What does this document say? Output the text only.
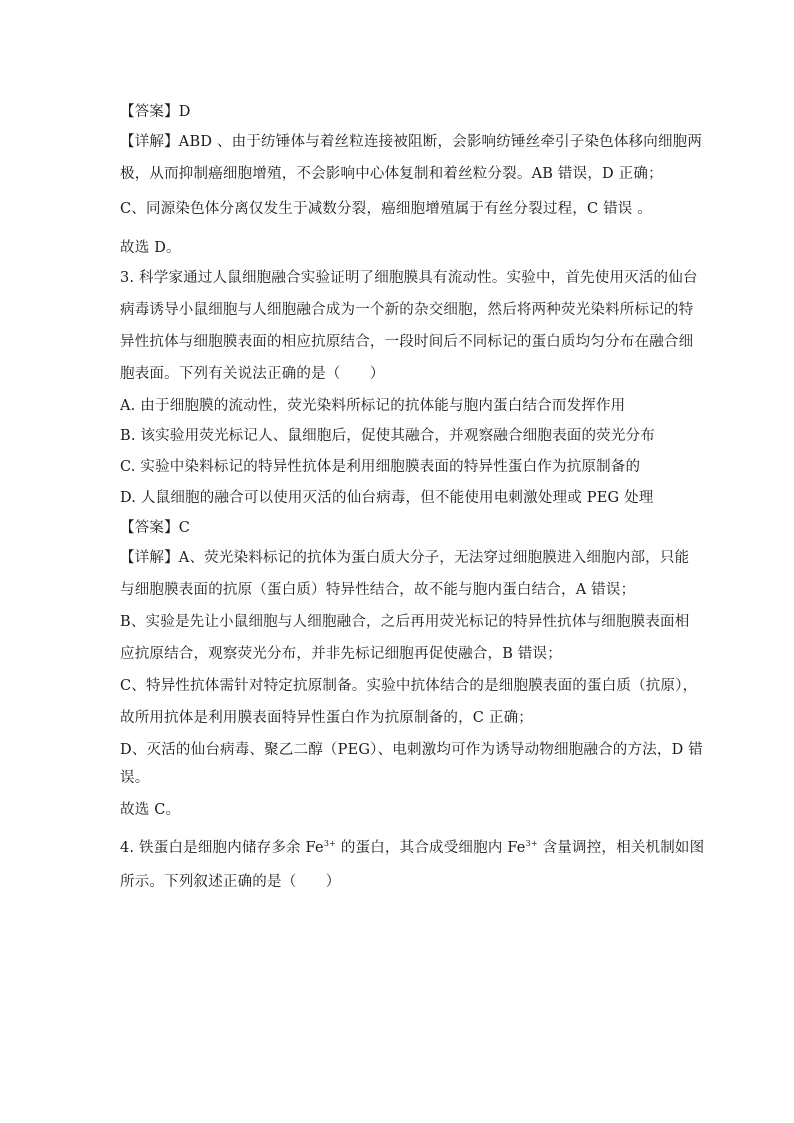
【答案】D
【详解】ABD 、由于纺锤体与着丝粒连接被阻断，会影响纺锤丝牵引子染色体移向细胞两
极，从而抑制癌细胞增殖，不会影响中心体复制和着丝粒分裂。AB 错误，D 正确；
C、同源染色体分离仅发生于减数分裂，癌细胞增殖属于有丝分裂过程，C 错误 。
故选 D。
3. 科学家通过人鼠细胞融合实验证明了细胞膜具有流动性。实验中，首先使用灭活的仙台
病毒诱导小鼠细胞与人细胞融合成为一个新的杂交细胞，然后将两种荧光染料所标记的特
异性抗体与细胞膜表面的相应抗原结合，一段时间后不同标记的蛋白质均匀分布在融合细
胞表面。下列有关说法正确的是（　　）
A. 由于细胞膜的流动性，荧光染料所标记的抗体能与胞内蛋白结合而发挥作用
B. 该实验用荧光标记人、鼠细胞后，促使其融合，并观察融合细胞表面的荧光分布
C. 实验中染料标记的特异性抗体是利用细胞膜表面的特异性蛋白作为抗原制备的
D. 人鼠细胞的融合可以使用灭活的仙台病毒，但不能使用电刺激处理或 PEG 处理
【答案】C
【详解】A、荧光染料标记的抗体为蛋白质大分子，无法穿过细胞膜进入细胞内部，只能
与细胞膜表面的抗原（蛋白质）特异性结合，故不能与胞内蛋白结合，A 错误；
B、实验是先让小鼠细胞与人细胞融合，之后再用荧光标记的特异性抗体与细胞膜表面相
应抗原结合，观察荧光分布，并非先标记细胞再促使融合，B 错误；
C、特异性抗体需针对特定抗原制备。实验中抗体结合的是细胞膜表面的蛋白质（抗原），
故所用抗体是利用膜表面特异性蛋白作为抗原制备的，C 正确；
D、灭活的仙台病毒、聚乙二醇（PEG）、电刺激均可作为诱导动物细胞融合的方法，D 错
误。
故选 C。
4. 铁蛋白是细胞内储存多余 $Fe^{3+}$ 的蛋白，其合成受细胞内 $Fe^{3+}$ 含量调控，相关机制如图
所示。下列叙述正确的是（　　）
